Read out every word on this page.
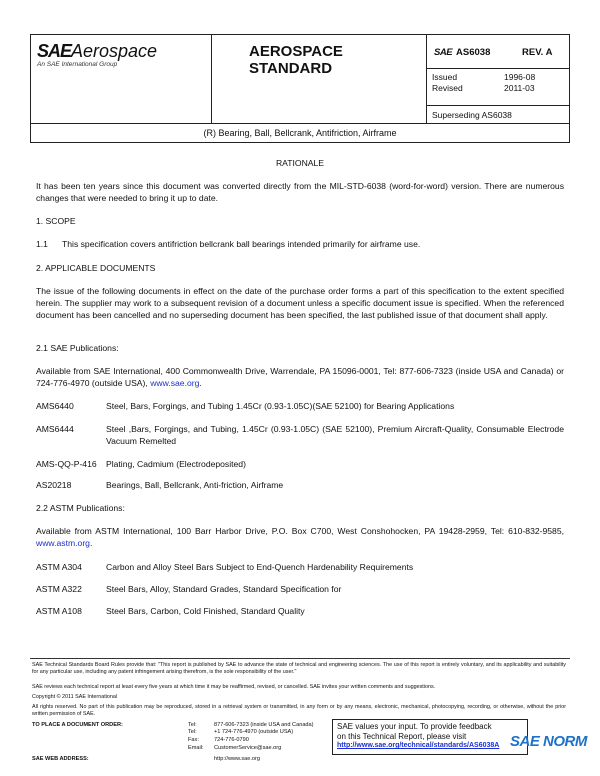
SAEAerospace
An SAE International Group
AEROSPACE
STANDARD
SAE AS6038	REV. A
Issued	1996-08
Revised	2011-03
Superseding AS6038
(R) Bearing, Ball, Bellcrank, Antifriction, Airframe
RATIONALE
It has been ten years since this document was converted directly from the MIL-STD-6038 (word-for-word) version. There are numerous changes that were needed to bring it up to date.
1. SCOPE
1.1 This specification covers antifriction bellcrank ball bearings intended primarily for airframe use.
2. APPLICABLE DOCUMENTS
The issue of the following documents in effect on the date of the purchase order forms a part of this specification to the extent specified herein. The supplier may work to a subsequent revision of a document unless a specific document issue is specified. When the referenced document has been cancelled and no superseding document has been specified, the last published issue of that document shall apply.
2.1 SAE Publications:
Available from SAE International, 400 Commonwealth Drive, Warrendale, PA 15096-0001, Tel: 877-606-7323 (inside USA and Canada) or 724-776-4970 (outside USA), www.sae.org.
AMS6440	Steel, Bars, Forgings, and Tubing 1.45Cr (0.93-1.05C)(SAE 52100) for Bearing Applications
AMS6444	Steel ,Bars, Forgings, and Tubing, 1.45Cr (0.93-1.05C) (SAE 52100), Premium Aircraft-Quality, Consumable Electrode Vacuum Remelted
AMS-QQ-P-416 Plating, Cadmium (Electrodeposited)
AS20218	Bearings, Ball, Bellcrank, Anti-friction, Airframe
2.2 ASTM Publications:
Available from ASTM International, 100 Barr Harbor Drive, P.O. Box C700, West Conshohocken, PA 19428-2959, Tel: 610-832-9585, www.astm.org.
ASTM A304	Carbon and Alloy Steel Bars Subject to End-Quench Hardenability Requirements
ASTM A322	Steel Bars, Alloy, Standard Grades, Standard Specification for
ASTM A108	Steel Bars, Carbon, Cold Finished, Standard Quality
SAE Technical Standards Board Rules provide that: "This report is published by SAE to advance the state of technical and engineering sciences. The use of this report is entirely voluntary, and its applicability and suitability for any particular use, including any patent infringement arising therefrom, is the sole responsibility of the user."
SAE reviews each technical report at least every five years at which time it may be reaffirmed, revised, or cancelled. SAE invites your written comments and suggestions.
Copyright © 2011 SAE International
All rights reserved. No part of this publication may be reproduced, stored in a retrieval system or transmitted, in any form or by any means, electronic, mechanical, photocopying, recording, or otherwise, without the prior written permission of SAE.
TO PLACE A DOCUMENT ORDER:	Tel:	877-606-7323 (inside USA and Canada)
Tel:	+1 724-776-4970 (outside USA)
Fax:	724-776-0790
Email: CustomerService@sae.org
SAE WEB ADDRESS:	http://www.sae.org
SAE values your input. To provide feedback
on this Technical Report, please visit
http://www.sae.org/technical/standards/AS6038A SAE NORM
